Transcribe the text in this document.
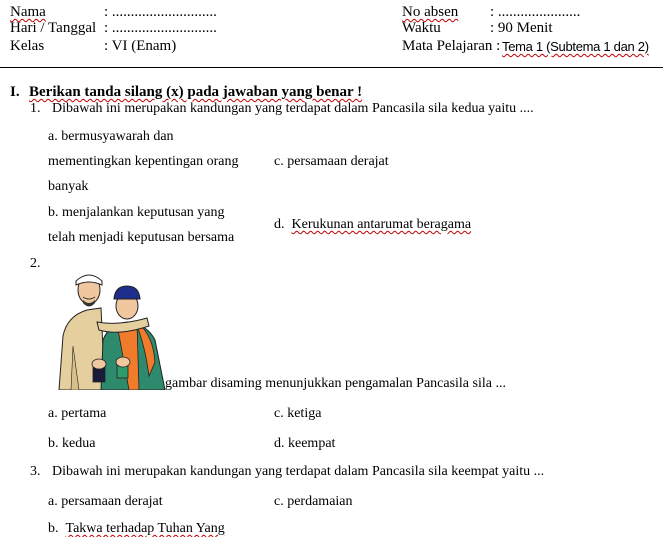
Nama	: ............................
Hari / Tanggal : ............................
Kelas	: VI (Enam)
No absen : ......................
Waktu	: 90 Menit
Mata Pelajaran : Tema 1 (Subtema 1 dan 2)
I. Berikan tanda silang (x) pada jawaban yang benar !
1. Dibawah ini merupakan kandungan yang terdapat dalam Pancasila sila kedua yaitu ....
a. bermusyawarah dan
mementingkan kepentingan orang
banyak
c. persamaan derajat
b. menjalankan keputusan yang
telah menjadi keputusan bersama
d. Kerukunan antarumat beragama
2.
gambar disaming menunjukkan pengamalan Pancasila sila ...
a. pertama	c. ketiga
b. kedua	d. keempat
3. Dibawah ini merupakan kandungan yang terdapat dalam Pancasila sila keempat yaitu ...
a. persamaan derajat	c. perdamaian
b. Takwa terhadap Tuhan Yang
